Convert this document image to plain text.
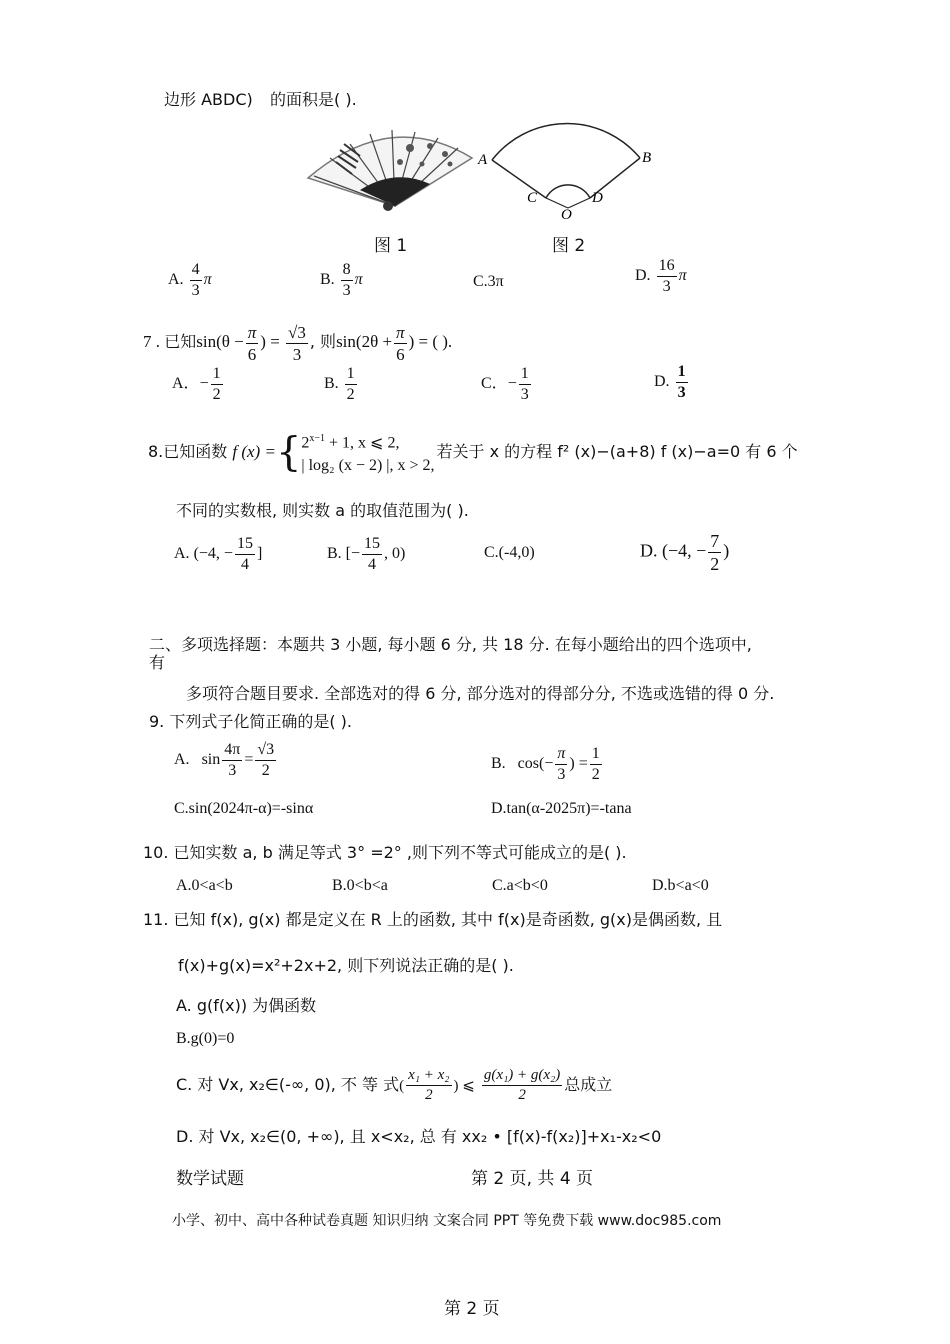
边形 ABDC) 的面积是( ).
A	B
C	D
O
图 1	图 2
A. $\frac{4}{3}$ π	B. $\frac{8}{3}$ π	C.3π	D. $\frac{16}{3}$ π
7 . 已知$\sin(\theta - \frac{\pi}{6}$ ) = $\frac{√3}{3}$ , 则$\sin(2\theta + \frac{\pi}{6}$ ) = ( ).
A．− $\frac{1}{2}$	B. $\frac{1}{2}$	C．− $\frac{1}{3}$	D. $\frac{1}{3}$
8.已知函数 f (x) ={ $2^{x-1} + 1$, x ⩽ 2,
| log₂ (x − 2) |, x > 2,
若关于 x 的方程 f² (x)−(a+8) f (x)−a=0 有 6 个
不同的实数根, 则实数 a 的取值范围为( ).
A. (−4, − $\frac{15}{4}$ ]	B. [− $\frac{15}{4}$ , 0)	C.(-4,0)	D. (−4, − $\frac{7}{2}$ )
二、多项选择题：本题共 3 小题, 每小题 6 分, 共 18 分. 在每小题给出的四个选项中,
有
多项符合题目要求. 全部选对的得 6 分, 部分选对的得部分分, 不选或选错的得 0 分.
9. 下列式子化简正确的是( ).
A. $\sin \frac{4\pi}{3} = \frac{√3}{2}$	B. $\cos(- \frac{\pi}{3}$ ) = $\frac{1}{2}$
C.sin(2024π-α)=-sinα	D.tan(α-2025π)=-tana
10. 已知实数 a, b 满足等式 3° =2° ,则下列不等式可能成立的是( ).
A.0<a<b	B.0<b<a	C.a<b<0	D.b<a<0
11. 已知 f(x), g(x) 都是定义在 R 上的函数, 其中 f(x)是奇函数, g(x)是偶函数, 且
f(x)+g(x)=x²+2x+2, 则下列说法正确的是( ).
A. g(f(x)) 为偶函数
B.g(0)=0
C. 对 Vx, x₂∈(-∞, 0), 不 等 式( $\frac{\text{x₁ + x₂}}{2}$ ) ⩽ $\frac{\text{g(x₁) + g(x₂)}}{2}$ 总成立
D. 对 Vx, x₂∈(0, +∞), 且 x<x₂, 总 有 xx₂ • [f(x)-f(x₂)]+x₁-x₂<0
数学试题	第 2 页, 共 4 页
小学、初中、高中各种试卷真题 知识归纳 文案合同 PPT 等免费下载 www.doc985.com
第 2 页
